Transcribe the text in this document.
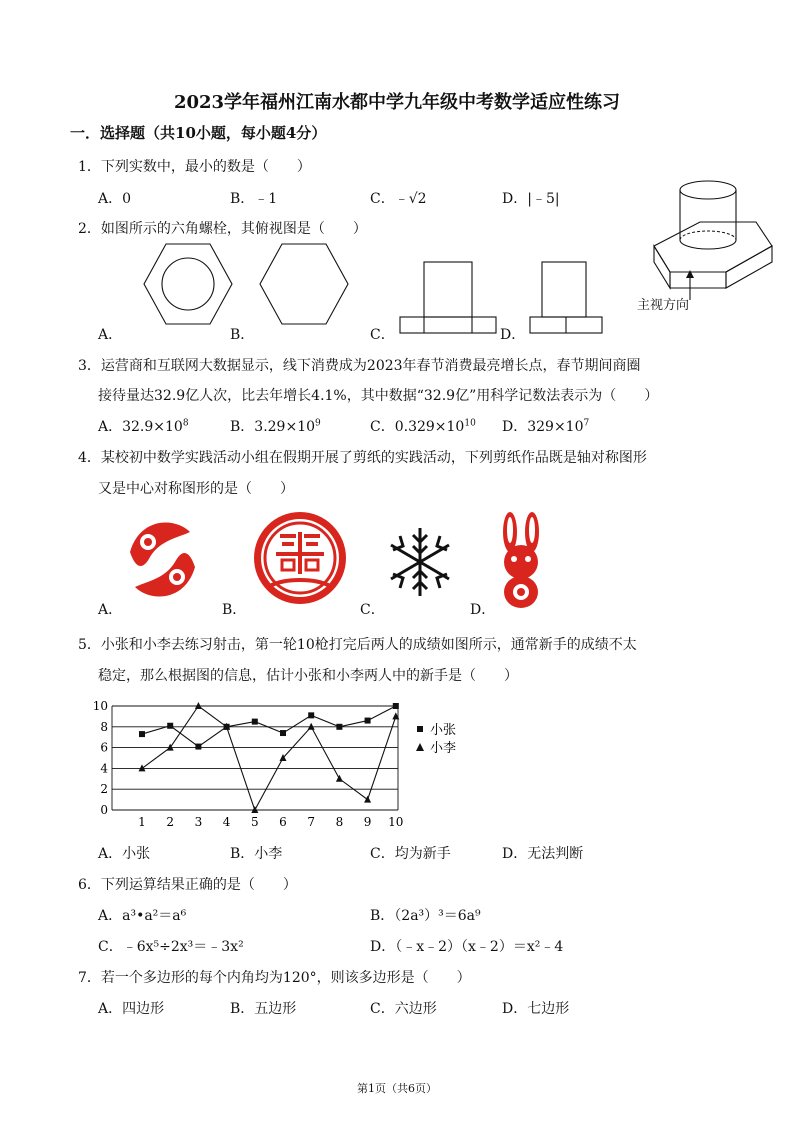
2023学年福州江南水都中学九年级中考数学适应性练习
一．选择题（共10小题，每小题4分）
1．下列实数中，最小的数是（　　）
A．0	B．﹣1	C．﹣√2	D．|﹣5|
2．如图所示的六角螺栓，其俯视图是（　　）
主视方向
A．	B．	C．	D．
3．运营商和互联网大数据显示，线下消费成为2023年春节消费最亮增长点，春节期间商圈
接待量达32.9亿人次，比去年增长4.1%，其中数据“32.9亿”用科学记数法表示为（　　）
A．$32.9\times 10^8$	B．$3.29\times 10^9$	C．$0.329\times 10^{10}$ D．$329\times 10^7$
4．某校初中数学实践活动小组在假期开展了剪纸的实践活动，下列剪纸作品既是轴对称图形
又是中心对称图形的是（　　）
A．	B．	C．	D．
5．小张和小李去练习射击，第一轮10枪打完后两人的成绩如图所示，通常新手的成绩不太
稳定，那么根据图的信息，估计小张和小李两人中的新手是（　　）
0
2
4
6
8
10
1 2 3 4 5 6 7 8 9 10
小张
小李
A．小张	B．小李	C．均为新手	D．无法判断
6．下列运算结果正确的是（　　）
A．a³•a²＝a⁶	B．（2a³）³＝6a⁹
C．﹣6x⁵÷2x³＝﹣3x²	D．（﹣x﹣2）（x﹣2）＝x²﹣4
7．若一个多边形的每个内角均为120°，则该多边形是（　　）
A．四边形	B．五边形	C．六边形	D．七边形
第1页（共6页）
